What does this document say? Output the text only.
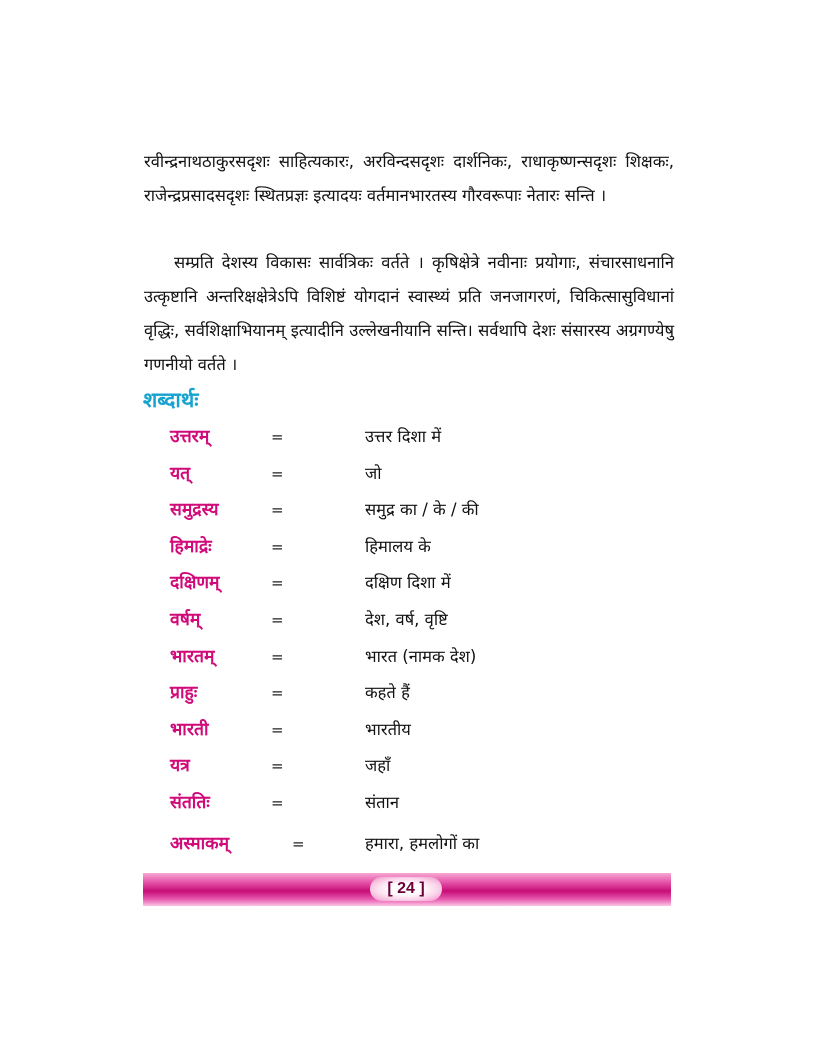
रवीन्द्रनाथठाकुरसदृशः साहित्यकारः, अरविन्दसदृशः दार्शनिकः, राधाकृष्णन्सदृशः शिक्षकः, राजेन्द्रप्रसादसदृशः स्थितप्रज्ञः इत्यादयः वर्तमानभारतस्य गौरवरूपाः नेतारः सन्ति ।

सम्प्रति देशस्य विकासः सार्वत्रिकः वर्तते । कृषिक्षेत्रे नवीनाः प्रयोगाः, संचारसाधनानि उत्कृष्टानि अन्तरिक्षक्षेत्रेऽपि विशिष्टं योगदानं स्वास्थ्यं प्रति जनजागरणं, चिकित्सासुविधानां वृद्धिः, सर्वशिक्षाभियानम् इत्यादीनि उल्लेखनीयानि सन्ति। सर्वथापि देशः संसारस्य अग्रगण्येषु गणनीयो वर्तते ।

शब्दार्थः
उत्तरम्	=	उत्तर दिशा में
यत्	=	जो
समुद्रस्य	=	समुद्र का / के / की
हिमाद्रेः	=	हिमालय के
दक्षिणम्	=	दक्षिण दिशा में
वर्षम्	=	देश, वर्ष, वृष्टि
भारतम्	=	भारत (नामक देश)
प्राहुः	=	कहते हैं
भारती	=	भारतीय
यत्र	=	जहाँ
संततिः	=	संतान
अस्माकम्	=	हमारा, हमलोगों का
[ 24 ]
